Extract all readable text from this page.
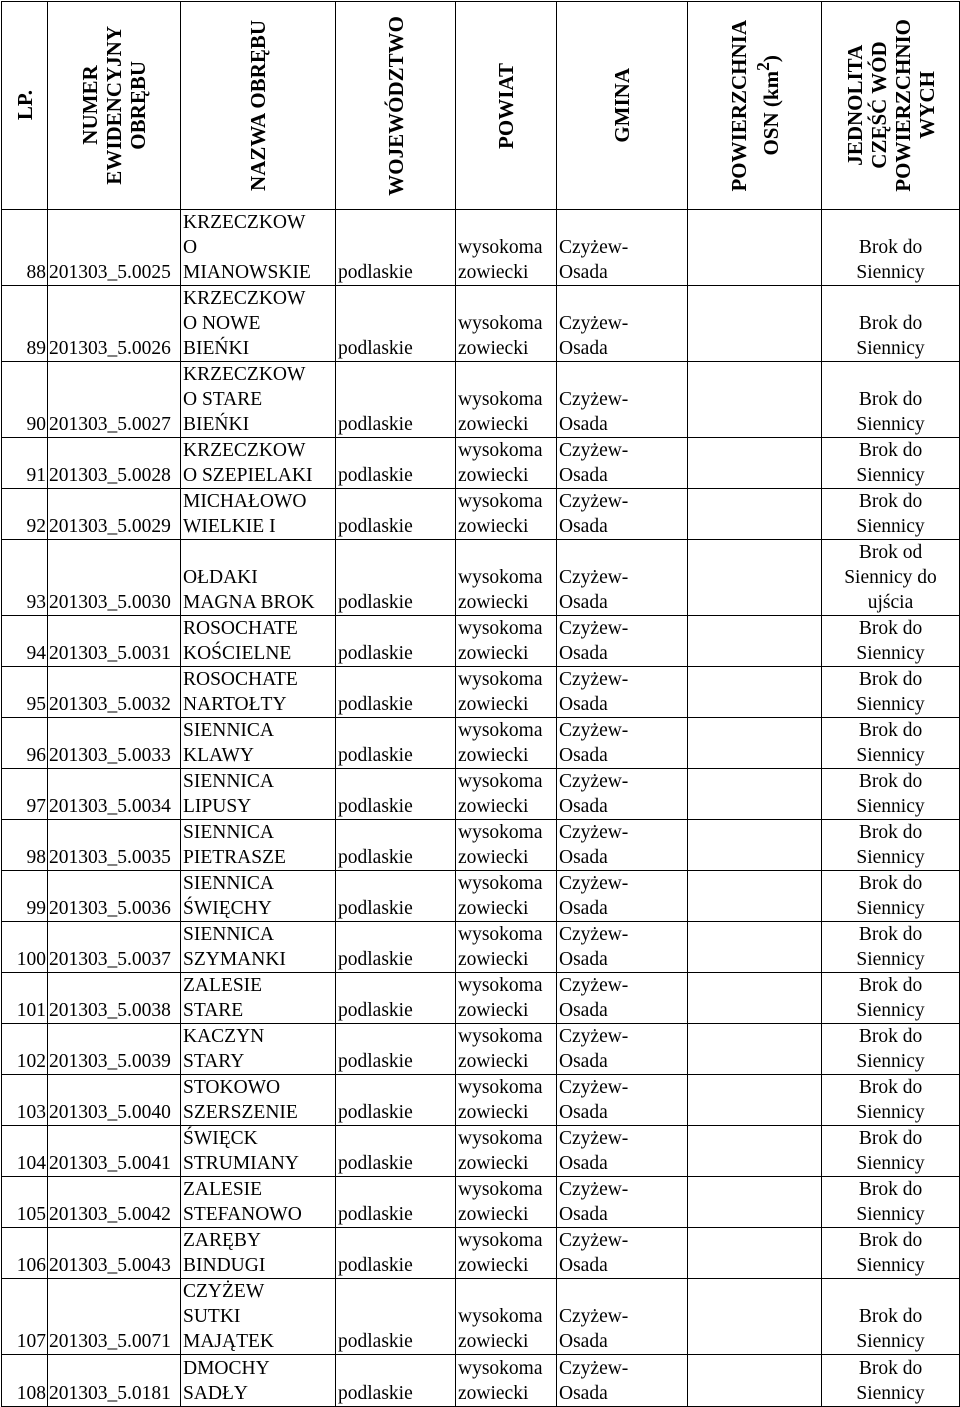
LP.	NUMER
EWIDENCYJNY
OBRĘBU	NAZWA OBRĘBU	WOJEWÓDZTWO	POWIAT	GMINA	POWIERZCHNIA OSN $(km^2)$	JEDNOLITA
CZĘŚĆ WÓD
POWIERZCHNIO
WYCH

88	201303_5.0025	KRZECZKOW
O
MIANOWSKIE	podlaskie	wysokoma
zowiecki	Czyżew-
Osada		Brok do Siennicy
89	201303_5.0026	KRZECZKOW
O NOWE
BIEŃKI	podlaskie	wysokoma
zowiecki	Czyżew-
Osada		Brok do Siennicy
90	201303_5.0027	KRZECZKOW
O STARE
BIEŃKI	podlaskie	wysokoma
zowiecki	Czyżew-
Osada		Brok do Siennicy
91	201303_5.0028	KRZECZKOW
O SZEPIELAKI	podlaskie	wysokoma
zowiecki	Czyżew-
Osada		Brok do Siennicy
92	201303_5.0029	MICHAŁOWO
WIELKIE I	podlaskie	wysokoma
zowiecki	Czyżew-
Osada		Brok do Siennicy
93	201303_5.0030	OŁDAKI
MAGNA BROK	podlaskie	wysokoma
zowiecki	Czyżew-
Osada		Brok od Siennicy do
ujścia
94	201303_5.0031	ROSOCHATE
KOŚCIELNE	podlaskie	wysokoma
zowiecki	Czyżew-
Osada		Brok do Siennicy
95	201303_5.0032	ROSOCHATE
NARTOŁTY	podlaskie	wysokoma
zowiecki	Czyżew-
Osada		Brok do Siennicy
96	201303_5.0033	SIENNICA
KLAWY	podlaskie	wysokoma
zowiecki	Czyżew-
Osada		Brok do Siennicy
97	201303_5.0034	SIENNICA
LIPUSY	podlaskie	wysokoma
zowiecki	Czyżew-
Osada		Brok do Siennicy
98	201303_5.0035	SIENNICA
PIETRASZE	podlaskie	wysokoma
zowiecki	Czyżew-
Osada		Brok do Siennicy
99	201303_5.0036	SIENNICA
ŚWIĘCHY	podlaskie	wysokoma
zowiecki	Czyżew-
Osada		Brok do Siennicy
100	201303_5.0037	SIENNICA
SZYMANKI	podlaskie	wysokoma
zowiecki	Czyżew-
Osada		Brok do Siennicy
101	201303_5.0038	ZALESIE
STARE	podlaskie	wysokoma
zowiecki	Czyżew-
Osada		Brok do Siennicy
102	201303_5.0039	KACZYN
STARY	podlaskie	wysokoma
zowiecki	Czyżew-
Osada		Brok do Siennicy
103	201303_5.0040	STOKOWO
SZERSZENIE	podlaskie	wysokoma
zowiecki	Czyżew-
Osada		Brok do Siennicy
104	201303_5.0041	ŚWIĘCK
STRUMIANY	podlaskie	wysokoma
zowiecki	Czyżew-
Osada		Brok do Siennicy
105	201303_5.0042	ZALESIE
STEFANOWO	podlaskie	wysokoma
zowiecki	Czyżew-
Osada		Brok do Siennicy
106	201303_5.0043	ZARĘBY
BINDUGI	podlaskie	wysokoma
zowiecki	Czyżew-
Osada		Brok do Siennicy
107	201303_5.0071	CZYŻEW
SUTKI
MAJĄTEK	podlaskie	wysokoma
zowiecki	Czyżew-
Osada		Brok do Siennicy
108	201303_5.0181	DMOCHY
SADŁY	podlaskie	wysokoma
zowiecki	Czyżew-
Osada		Brok do Siennicy
